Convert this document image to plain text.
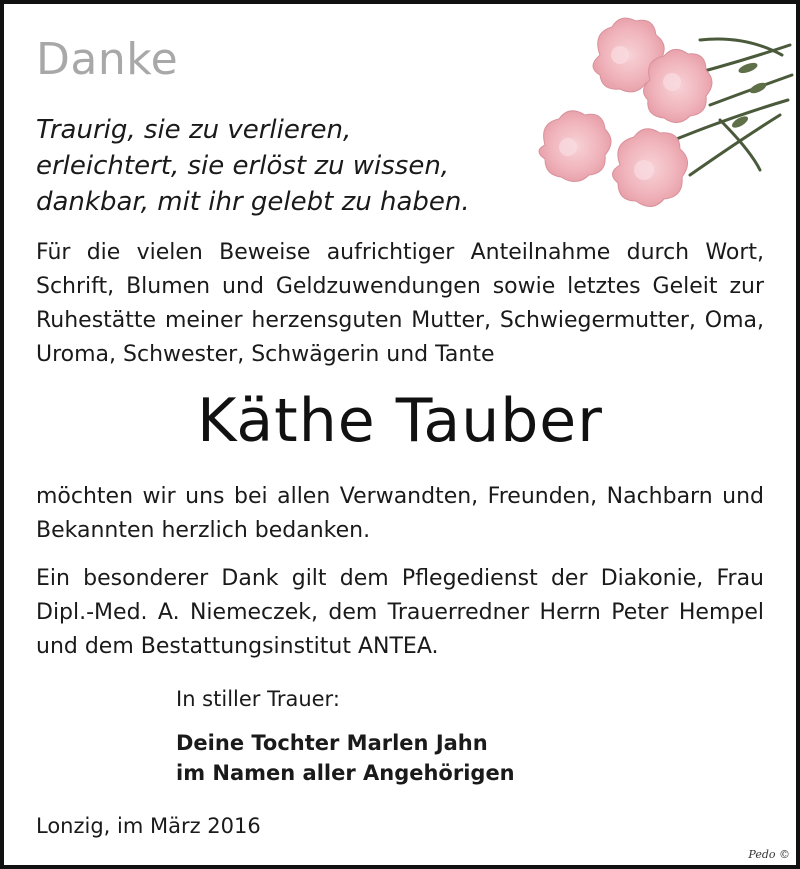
Danke
Traurig, sie zu verlieren,
erleichtert, sie erlöst zu wissen,
dankbar, mit ihr gelebt zu haben.
Für die vielen Beweise aufrichtiger Anteilnahme durch Wort, Schrift, Blumen und Geldzuwendungen sowie letztes Geleit zur Ruhestätte meiner herzensguten Mutter, Schwiegermutter, Oma, Uroma, Schwester, Schwägerin und Tante
Käthe Tauber
möchten wir uns bei allen Verwandten, Freunden, Nachbarn und Bekannten herzlich bedanken.
Ein besonderer Dank gilt dem Pflegedienst der Diakonie, Frau Dipl.-Med. A. Niemeczek, dem Trauerredner Herrn Peter Hempel und dem Bestattungsinstitut ANTEA.
In stiller Trauer:
Deine Tochter Marlen Jahn
im Namen aller Angehörigen
Lonzig, im März 2016
Pedo ©
